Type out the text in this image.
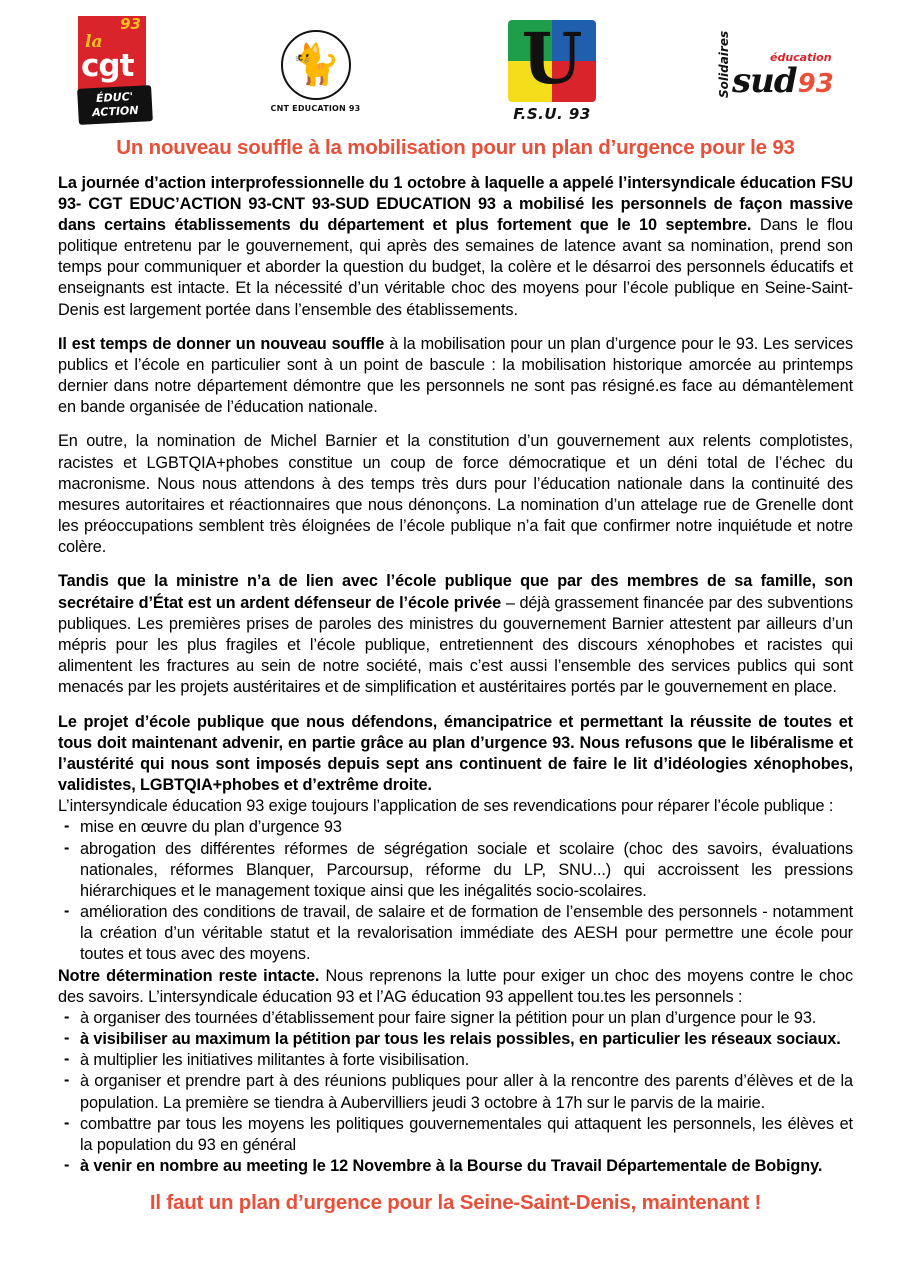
93
la
cgt
ÉDUC'
ACTION
🐈
CNT EDUCATION 93
U
F.S.U. 93
Solidaires	éducation
sud 93
Un nouveau souffle à la mobilisation pour un plan d’urgence pour le 93

La journée d’action interprofessionnelle du 1 octobre à laquelle a appelé l’intersyndicale éducation FSU 93- CGT EDUC’ACTION 93-CNT 93-SUD EDUCATION 93 a mobilisé les personnels de façon massive dans certains établissements du département et plus fortement que le 10 septembre. Dans le flou politique entretenu par le gouvernement, qui après des semaines de latence avant sa nomination, prend son temps pour communiquer et aborder la question du budget, la colère et le désarroi des personnels éducatifs et enseignants est intacte. Et la nécessité d’un véritable choc des moyens pour l’école publique en Seine-Saint-Denis est largement portée dans l’ensemble des établissements.

Il est temps de donner un nouveau souffle à la mobilisation pour un plan d’urgence pour le 93. Les services publics et l’école en particulier sont à un point de bascule : la mobilisation historique amorcée au printemps dernier dans notre département démontre que les personnels ne sont pas résigné.es face au démantèlement en bande organisée de l’éducation nationale.

En outre, la nomination de Michel Barnier et la constitution d’un gouvernement aux relents complotistes, racistes et LGBTQIA+phobes constitue un coup de force démocratique et un déni total de l’échec du macronisme. Nous nous attendons à des temps très durs pour l’éducation nationale dans la continuité des mesures autoritaires et réactionnaires que nous dénonçons. La nomination d’un attelage rue de Grenelle dont les préoccupations semblent très éloignées de l’école publique n’a fait que confirmer notre inquiétude et notre colère.

Tandis que la ministre n’a de lien avec l’école publique que par des membres de sa famille, son secrétaire d’État est un ardent défenseur de l’école privée – déjà grassement financée par des subventions publiques. Les premières prises de paroles des ministres du gouvernement Barnier attestent par ailleurs d’un mépris pour les plus fragiles et l’école publique, entretiennent des discours xénophobes et racistes qui alimentent les fractures au sein de notre société, mais c’est aussi l’ensemble des services publics qui sont menacés par les projets austéritaires et de simplification et austéritaires portés par le gouvernement en place.

Le projet d’école publique que nous défendons, émancipatrice et permettant la réussite de toutes et tous doit maintenant advenir, en partie grâce au plan d’urgence 93. Nous refusons que le libéralisme et l’austérité qui nous sont imposés depuis sept ans continuent de faire le lit d’idéologies xénophobes, validistes, LGBTQIA+phobes et d’extrême droite.
L’intersyndicale éducation 93 exige toujours l’application de ses revendications pour réparer l’école publique :

- mise en œuvre du plan d’urgence 93
- abrogation des différentes réformes de ségrégation sociale et scolaire (choc des savoirs, évaluations nationales, réformes Blanquer, Parcoursup, réforme du LP, SNU...) qui accroissent les pressions hiérarchiques et le management toxique ainsi que les inégalités socio-scolaires.
- amélioration des conditions de travail, de salaire et de formation de l’ensemble des personnels - notamment la création d’un véritable statut et la revalorisation immédiate des AESH pour permettre une école pour toutes et tous avec des moyens.

Notre détermination reste intacte. Nous reprenons la lutte pour exiger un choc des moyens contre le choc des savoirs. L’intersyndicale éducation 93 et l’AG éducation 93 appellent tou.tes les personnels :

- à organiser des tournées d’établissement pour faire signer la pétition pour un plan d’urgence pour le 93.
- à visibiliser au maximum la pétition par tous les relais possibles, en particulier les réseaux sociaux.
- à multiplier les initiatives militantes à forte visibilisation.
- à organiser et prendre part à des réunions publiques pour aller à la rencontre des parents d’élèves et de la population. La première se tiendra à Aubervilliers jeudi 3 octobre à 17h sur le parvis de la mairie.
- combattre par tous les moyens les politiques gouvernementales qui attaquent les personnels, les élèves et la population du 93 en général
- à venir en nombre au meeting le 12 Novembre à la Bourse du Travail Départementale de Bobigny.
Il faut un plan d’urgence pour la Seine-Saint-Denis, maintenant !
